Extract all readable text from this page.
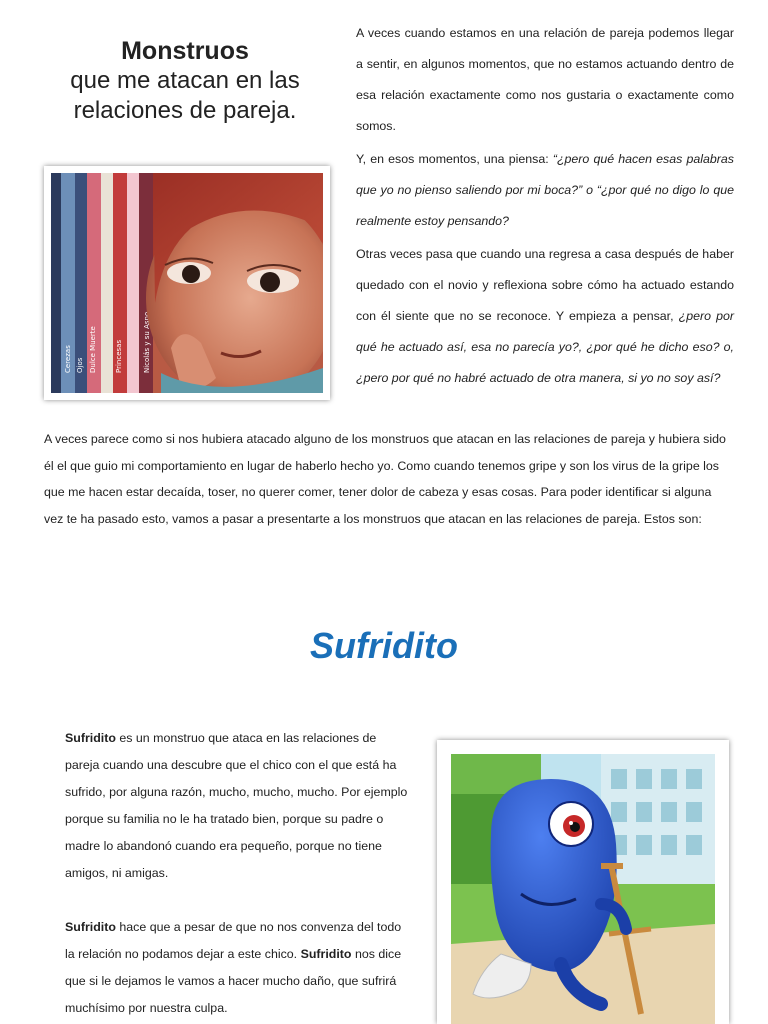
Monstruos
que me atacan en las
relaciones de pareja.
Princesas
Dulce Muerte	Nicolás y su Asno
Cerezas Ojos

A veces cuando estamos en una relación de pareja podemos llegar a sentir, en algunos momentos, que no estamos actuando dentro de esa relación exactamente como nos gustaria o exactamente como somos.

Y, en esos momentos, una piensa: “¿pero qué hacen esas palabras que yo no pienso saliendo por mi boca?” o “¿por qué no digo lo que realmente estoy pensando?

Otras veces pasa que cuando una regresa a casa después de haber quedado con el novio y reflexiona sobre cómo ha actuado estando con él siente que no se reconoce. Y empieza a pensar, ¿pero por qué he actuado así, esa no parecía yo?, ¿por qué he dicho eso? o, ¿pero por qué no habré actuado de otra manera, si yo no soy así?

A veces parece como si nos hubiera atacado alguno de los monstruos que atacan en las relaciones de pareja y hubiera sido él el que guio mi comportamiento en lugar de haberlo hecho yo. Como cuando tenemos gripe y son los virus de la gripe los que me hacen estar decaída, toser, no querer comer, tener dolor de cabeza y esas cosas. Para poder identificar si alguna vez te ha pasado esto, vamos a pasar a presentarte a los monstruos que atacan en las relaciones de pareja. Estos son:

Sufridito

Sufridito es un monstruo que ataca en las relaciones de pareja cuando una descubre que el chico con el que está ha sufrido, por alguna razón, mucho, mucho, mucho. Por ejemplo porque su familia no le ha tratado bien, porque su padre o madre lo abandonó cuando era pequeño, porque no tiene amigos, ni amigas.

Sufridito hace que a pesar de que no nos convenza del todo la relación no podamos dejar a este chico. Sufridito nos dice que si le dejamos le vamos a hacer mucho daño, que sufrirá muchísimo por nuestra culpa.
